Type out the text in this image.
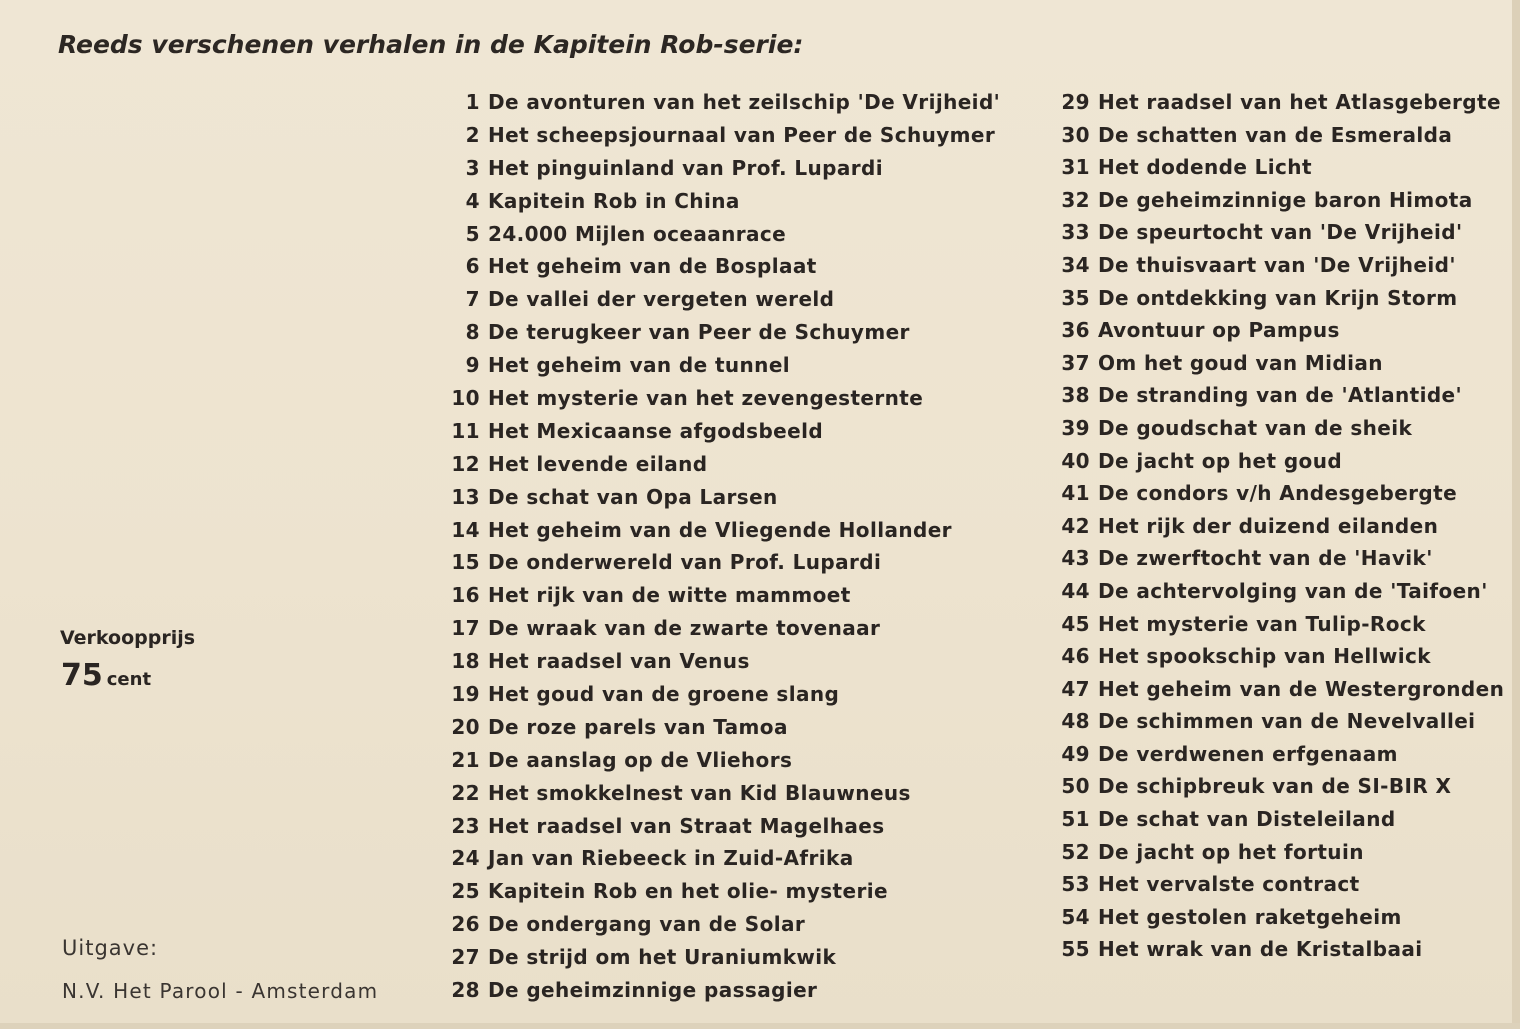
Reeds verschenen verhalen in de Kapitein Rob-serie:
1 De avonturen van het zeilschip 'De Vrijheid'
2 Het scheepsjournaal van Peer de Schuymer
3 Het pinguinland van Prof. Lupardi
4 Kapitein Rob in China
5 24.000 Mijlen oceaanrace
6 Het geheim van de Bosplaat
7 De vallei der vergeten wereld
8 De terugkeer van Peer de Schuymer
9 Het geheim van de tunnel
10 Het mysterie van het zevengesternte
11 Het Mexicaanse afgodsbeeld
12 Het levende eiland
13 De schat van Opa Larsen
14 Het geheim van de Vliegende Hollander
15 De onderwereld van Prof. Lupardi
16 Het rijk van de witte mammoet
17 De wraak van de zwarte tovenaar
18 Het raadsel van Venus
19 Het goud van de groene slang
20 De roze parels van Tamoa
21 De aanslag op de Vliehors
22 Het smokkelnest van Kid Blauwneus
23 Het raadsel van Straat Magelhaes
24 Jan van Riebeeck in Zuid-Afrika
25 Kapitein Rob en het olie- mysterie
26 De ondergang van de Solar
27 De strijd om het Uraniumkwik
28 De geheimzinnige passagier
29 Het raadsel van het Atlasgebergte
30 De schatten van de Esmeralda
31 Het dodende Licht
32 De geheimzinnige baron Himota
33 De speurtocht van 'De Vrijheid'
34 De thuisvaart van 'De Vrijheid'
35 De ontdekking van Krijn Storm
36 Avontuur op Pampus
37 Om het goud van Midian
38 De stranding van de 'Atlantide'
39 De goudschat van de sheik
40 De jacht op het goud
41 De condors v/h Andesgebergte
42 Het rijk der duizend eilanden
43 De zwerftocht van de 'Havik'
44 De achtervolging van de 'Taifoen'
45 Het mysterie van Tulip-Rock
46 Het spookschip van Hellwick
47 Het geheim van de Westergronden
48 De schimmen van de Nevelvallei
49 De verdwenen erfgenaam
50 De schipbreuk van de SI-BIR X
51 De schat van Disteleiland
52 De jacht op het fortuin
53 Het vervalste contract
54 Het gestolen raketgeheim
55 Het wrak van de Kristalbaai
Verkoopprijs
75 cent
Uitgave:
N.V. Het Parool - Amsterdam
